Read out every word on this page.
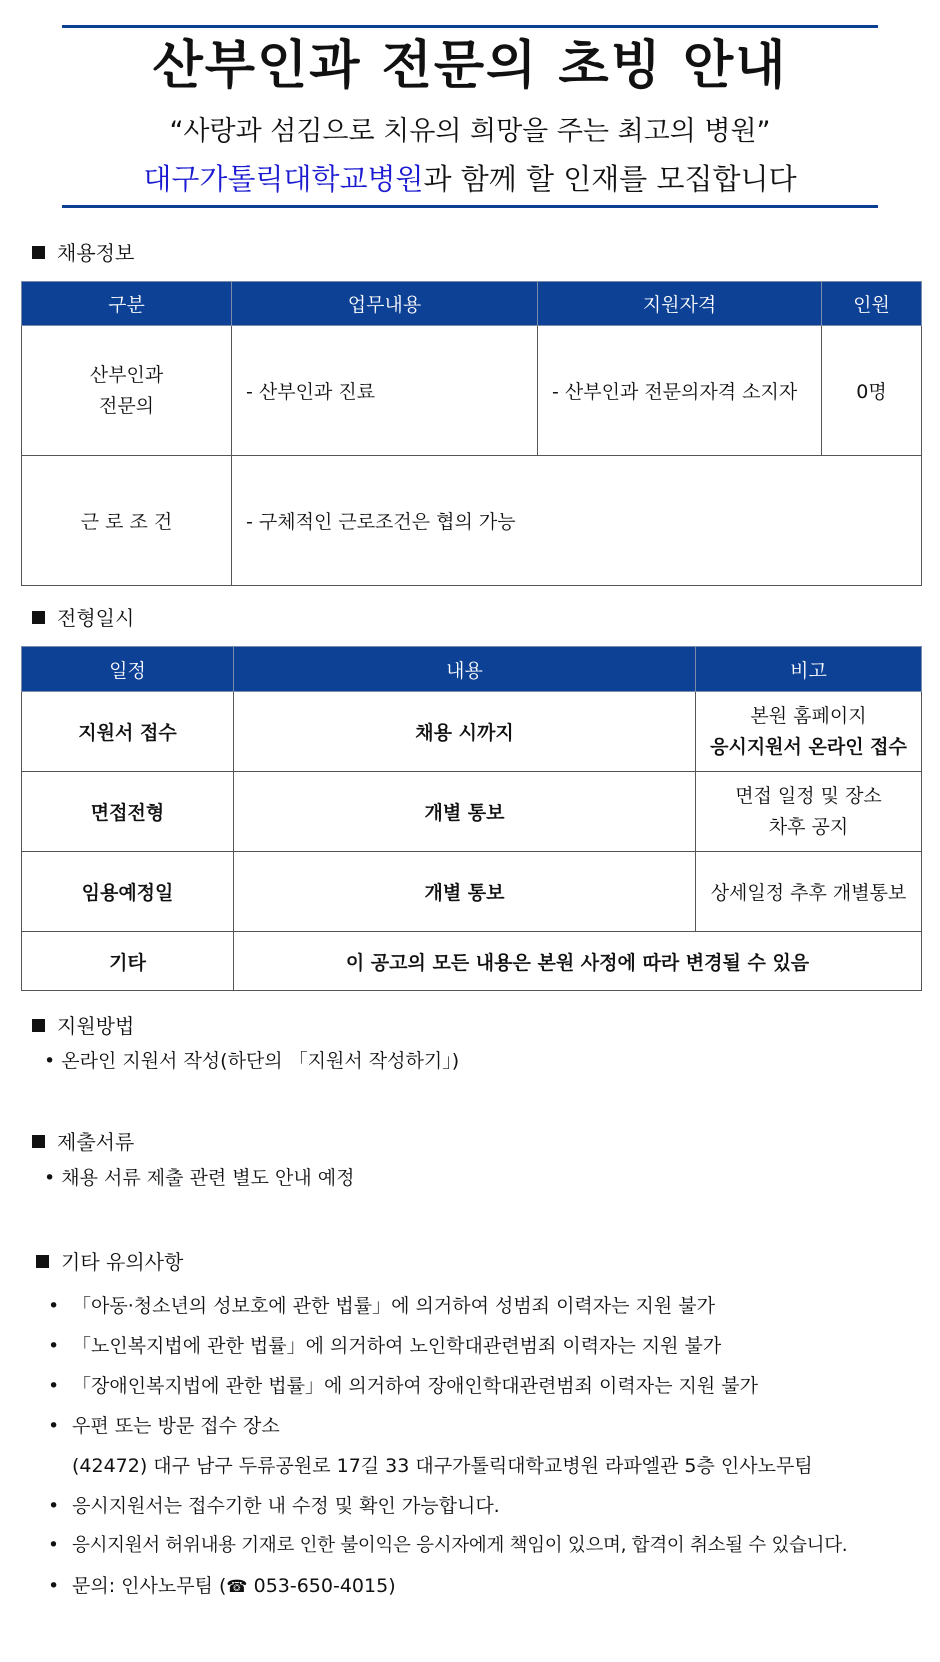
산부인과 전문의 초빙 안내
“사랑과 섬김으로 치유의 희망을 주는 최고의 병원”
대구가톨릭대학교병원과 함께 할 인재를 모집합니다
채용정보
구분	업무내용	지원자격	인원
산부인과
전문의	- 산부인과 진료	- 산부인과 전문의자격 소지자	0명
근 로 조 건	- 구체적인 근로조건은 협의 가능		
전형일시
일정	내용	비고
지원서 접수	채용 시까지	본원 홈페이지
응시지원서 온라인 접수
면접전형	개별 통보	면접 일정 및 장소
차후 공지
임용예정일	개별 통보	상세일정 추후 개별통보
기타	이 공고의 모든 내용은 본원 사정에 따라 변경될 수 있음	
지원방법
• 온라인 지원서 작성(하단의 「지원서 작성하기」)
제출서류
• 채용 서류 제출 관련 별도 안내 예정
기타 유의사항
• 「아동·청소년의 성보호에 관한 법률」에 의거하여 성범죄 이력자는 지원 불가
• 「노인복지법에 관한 법률」에 의거하여 노인학대관련범죄 이력자는 지원 불가
• 「장애인복지법에 관한 법률」에 의거하여 장애인학대관련범죄 이력자는 지원 불가
• 우편 또는 방문 접수 장소
(42472) 대구 남구 두류공원로 17길 33 대구가톨릭대학교병원 라파엘관 5층 인사노무팀
• 응시지원서는 접수기한 내 수정 및 확인 가능합니다.
• 응시지원서 허위내용 기재로 인한 불이익은 응시자에게 책임이 있으며, 합격이 취소될 수 있습니다.
• 문의: 인사노무팀 (☎ 053-650-4015)
